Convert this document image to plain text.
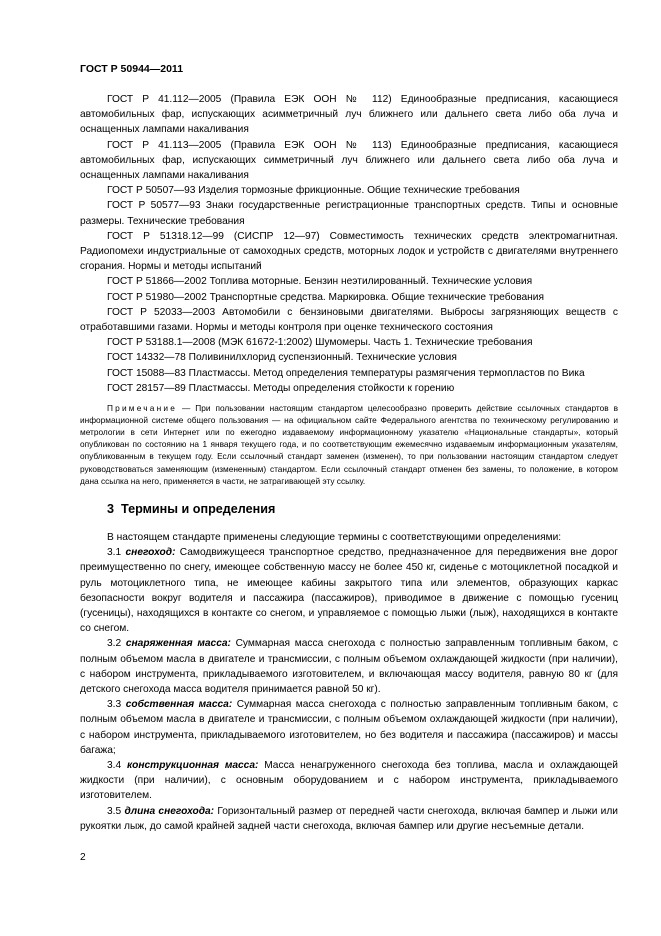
ГОСТ Р 50944—2011

ГОСТ Р 41.112—2005 (Правила ЕЭК ООН № 112) Единообразные предписания, касающиеся автомобильных фар, испускающих асимметричный луч ближнего или дальнего света либо оба луча и оснащенных лампами накаливания

ГОСТ Р 41.113—2005 (Правила ЕЭК ООН № 113) Единообразные предписания, касающиеся автомобильных фар, испускающих симметричный луч ближнего или дальнего света либо оба луча и оснащенных лампами накаливания

ГОСТ Р 50507—93 Изделия тормозные фрикционные. Общие технические требования

ГОСТ Р 50577—93 Знаки государственные регистрационные транспортных средств. Типы и основные размеры. Технические требования

ГОСТ Р 51318.12—99 (СИСПР 12—97) Совместимость технических средств электромагнитная. Радиопомехи индустриальные от самоходных средств, моторных лодок и устройств с двигателями внутреннего сгорания. Нормы и методы испытаний

ГОСТ Р 51866—2002 Топлива моторные. Бензин неэтилированный. Технические условия

ГОСТ Р 51980—2002 Транспортные средства. Маркировка. Общие технические требования

ГОСТ Р 52033—2003 Автомобили с бензиновыми двигателями. Выбросы загрязняющих веществ с отработавшими газами. Нормы и методы контроля при оценке технического состояния

ГОСТ Р 53188.1—2008 (МЭК 61672-1:2002) Шумомеры. Часть 1. Технические требования

ГОСТ 14332—78 Поливинилхлорид суспензионный. Технические условия

ГОСТ 15088—83 Пластмассы. Метод определения температуры размягчения термопластов по Вика

ГОСТ 28157—89 Пластмассы. Методы определения стойкости к горению

Примечание — При пользовании настоящим стандартом целесообразно проверить действие ссылочных стандартов в информационной системе общего пользования — на официальном сайте Федерального агентства по техническому регулированию и метрологии в сети Интернет или по ежегодно издаваемому информационному указателю «Национальные стандарты», который опубликован по состоянию на 1 января текущего года, и по соответствующим ежемесячно издаваемым информационным указателям, опубликованным в текущем году. Если ссылочный стандарт заменен (изменен), то при пользовании настоящим стандартом следует руководствоваться заменяющим (измененным) стандартом. Если ссылочный стандарт отменен без замены, то положение, в котором дана ссылка на него, применяется в части, не затрагивающей эту ссылку.

3 Термины и определения

В настоящем стандарте применены следующие термины с соответствующими определениями:

3.1 снегоход: Самодвижущееся транспортное средство, предназначенное для передвижения вне дорог преимущественно по снегу, имеющее собственную массу не более 450 кг, сиденье с мотоциклетной посадкой и руль мотоциклетного типа, не имеющее кабины закрытого типа или элементов, образующих каркас безопасности вокруг водителя и пассажира (пассажиров), приводимое в движение с помощью гусениц (гусеницы), находящихся в контакте со снегом, и управляемое с помощью лыжи (лыж), находящихся в контакте со снегом.

3.2 снаряженная масса: Суммарная масса снегохода с полностью заправленным топливным баком, с полным объемом масла в двигателе и трансмиссии, с полным объемом охлаждающей жидкости (при наличии), с набором инструмента, прикладываемого изготовителем, и включающая массу водителя, равную 80 кг (для детского снегохода масса водителя принимается равной 50 кг).

3.3 собственная масса: Суммарная масса снегохода с полностью заправленным топливным баком, с полным объемом масла в двигателе и трансмиссии, с полным объемом охлаждающей жидкости (при наличии), с набором инструмента, прикладываемого изготовителем, но без водителя и пассажира (пассажиров) и массы багажа;

3.4 конструкционная масса: Масса ненагруженного снегохода без топлива, масла и охлаждающей жидкости (при наличии), с основным оборудованием и с набором инструмента, прикладываемого изготовителем.

3.5 длина снегохода: Горизонтальный размер от передней части снегохода, включая бампер и лыжи или рукоятки лыж, до самой крайней задней части снегохода, включая бампер или другие несъемные детали.

2
